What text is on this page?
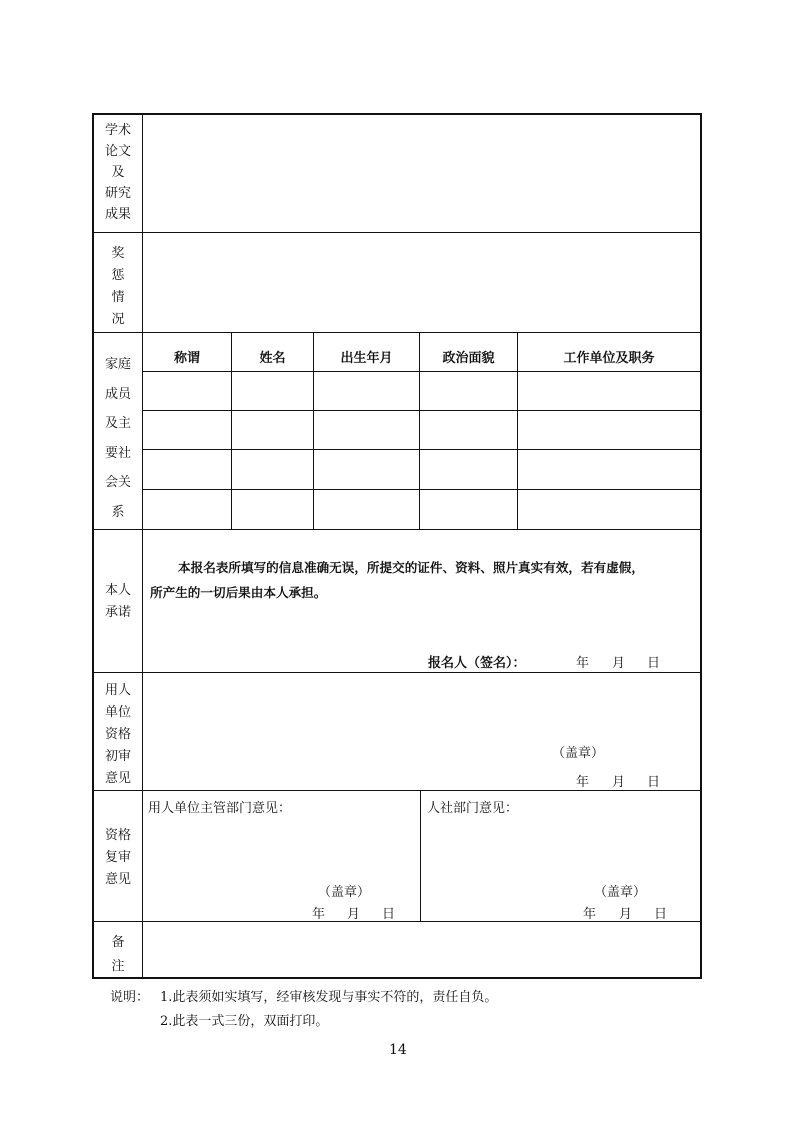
学术
论文
及
研究
成果
奖
惩
情
况
家庭
成员
及主
要社
会关
系
称谓	姓名	出生年月	政治面貌	工作单位及职务
本人
承诺
本报名表所填写的信息准确无误，所提交的证件、资料、照片真实有效，若有虚假，
所产生的一切后果由本人承担。
报名人（签名）：	年 月 日
用人
单位
资格
初审
意见
（盖章）
年 月 日
资格
复审
意见
用人单位主管部门意见：	人社部门意见：
（盖章）
年 月 日
（盖章）
年 月 日
备
注
说明： 1.此表须如实填写，经审核发现与事实不符的，责任自负。
2.此表一式三份，双面打印。
14
